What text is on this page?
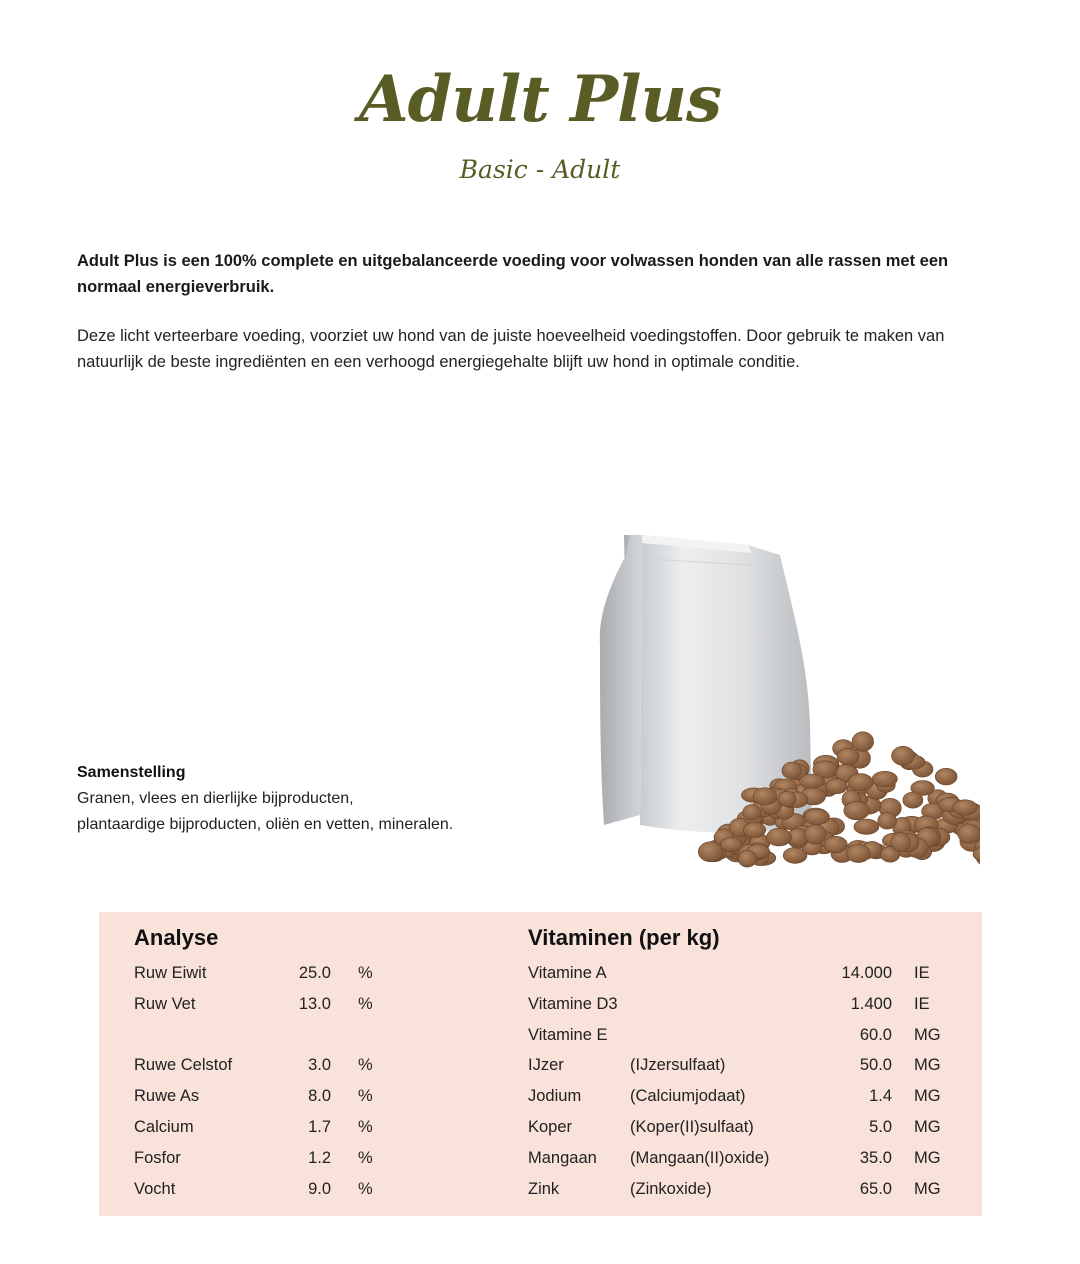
Adult Plus
Basic - Adult

Adult Plus is een 100% complete en uitgebalanceerde voeding voor volwassen honden van alle rassen met een normaal energieverbruik.

Deze licht verteerbare voeding, voorziet uw hond van de juiste hoeveelheid voedingstoffen. Door gebruik te maken van natuurlijk de beste ingrediënten en een verhoogd energiegehalte blijft uw hond in optimale conditie.

Samenstelling
Granen, vlees en dierlijke bijproducten,
plantaardige bijproducten, oliën en vetten, mineralen.
Analyse	Vitaminen (per kg)
Ruw Eiwit	25.0 %
Ruw Vet	13.0 %
Ruwe Celstof	3.0 %
Ruwe As	8.0 %
Calcium	1.7 %
Fosfor	1.2 %
Vocht	9.0 %
Vitamine A	14.000 IE
Vitamine D3	1.400 IE
Vitamine E	60.0 MG
IJzer	(IJzersulfaat)	50.0 MG
Jodium	(Calciumjodaat)	1.4 MG
Koper	(Koper(II)sulfaat)	5.0 MG
Mangaan (Mangaan(II)oxide)	35.0 MG
Zink	(Zinkoxide)	65.0 MG
